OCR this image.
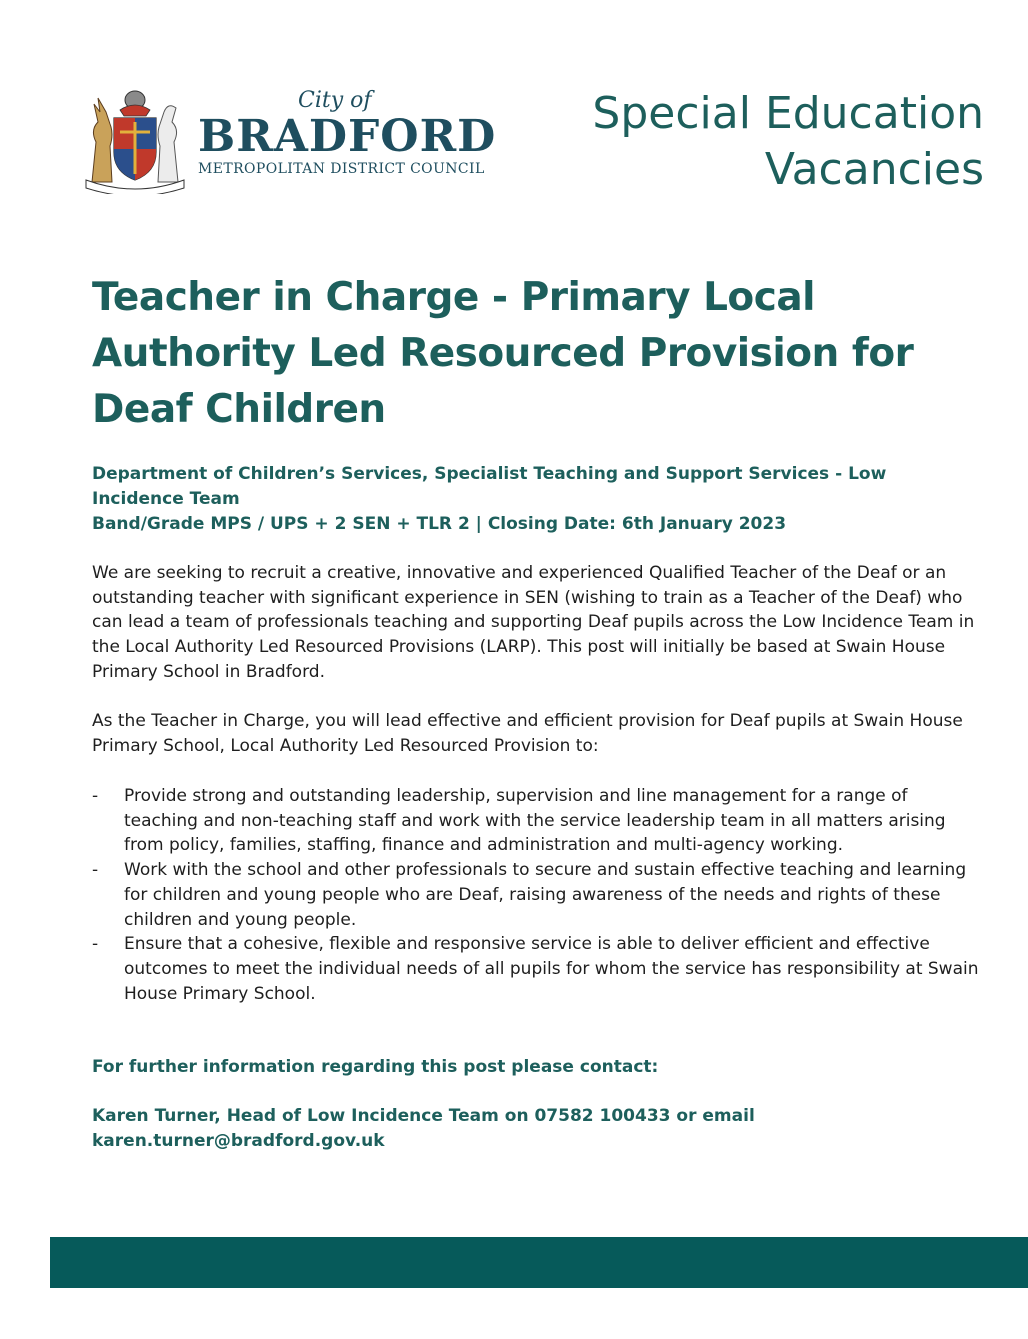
City of
BRADFORD
METROPOLITAN DISTRICT COUNCIL
Special Education
Vacancies
Teacher in Charge - Primary Local Authority Led Resourced Provision for Deaf Children
Department of Children’s Services, Specialist Teaching and Support Services - Low Incidence Team
Band/Grade MPS / UPS + 2 SEN + TLR 2 | Closing Date: 6th January 2023
We are seeking to recruit a creative, innovative and experienced Qualified Teacher of the Deaf or an outstanding teacher with significant experience in SEN (wishing to train as a Teacher of the Deaf) who can lead a team of professionals teaching and supporting Deaf pupils across the Low Incidence Team in the Local Authority Led Resourced Provisions (LARP). This post will initially be based at Swain House Primary School in Bradford.
As the Teacher in Charge, you will lead effective and efficient provision for Deaf pupils at Swain House Primary School, Local Authority Led Resourced Provision to:
- Provide strong and outstanding leadership, supervision and line management for a range of teaching and non-teaching staff and work with the service leadership team in all matters arising from policy, families, staffing, finance and administration and multi-agency working.
- Work with the school and other professionals to secure and sustain effective teaching and learning for children and young people who are Deaf, raising awareness of the needs and rights of these children and young people.
- Ensure that a cohesive, flexible and responsive service is able to deliver efficient and effective outcomes to meet the individual needs of all pupils for whom the service has responsibility at Swain House Primary School.
For further information regarding this post please contact:
Karen Turner, Head of Low Incidence Team on 07582 100433 or email
karen.turner@bradford.gov.uk
